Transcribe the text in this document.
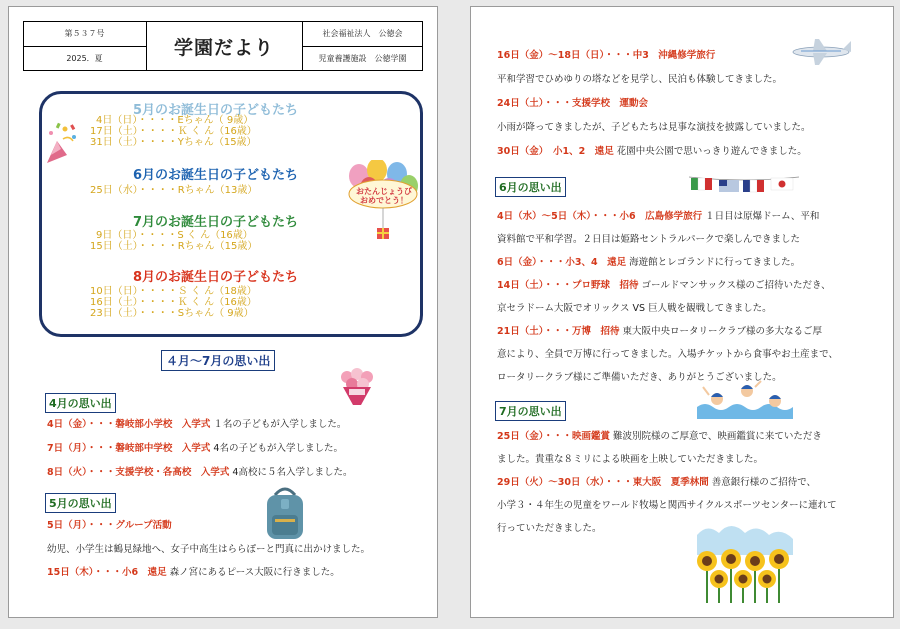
第５３７号
2025．夏	学園だより
社会福祉法人　公徳会
児童養護施設　公徳学園
5月のお誕生日の子どもたち
4日（日）・・・・Eちゃん（ 9歳）
17日（土）・・・・Ｋ く ん（16歳）
31日（土）・・・・Yちゃん（15歳）
6月のお誕生日の子どもたち
25日（水）・・・・Rちゃん（13歳）
7月のお誕生日の子どもたち
9日（日）・・・・S く ん（16歳）
15日（土）・・・・Rちゃん（15歳）
8月のお誕生日の子どもたち
10日（日）・・・・Ｓ く ん（18歳）
16日（土）・・・・Ｋ く ん（16歳）
23日（土）・・・・Sちゃん（ 9歳）
おたんじょうび おめでとう！
４月～7月の思い出
4月の思い出
4日（金）・・・磐岐部小学校　入学式 １名の子どもが入学しました。
7日（月）・・・磐岐部中学校　入学式 4名の子どもが入学しました。
8日（火）・・・支援学校・各高校　入学式 4高校に５名入学しました。
5月の思い出
5日（月）・・・グループ活動
幼児、小学生は鶴見緑地へ、女子中高生はららぽーと門真に出かけました。
15日（木）・・・小6　遠足 森ノ宮にあるピース大阪に行きました。
16日（金）～18日（日）・・・中3　沖縄修学旅行
平和学習でひめゆりの塔などを見学し、民泊も体験してきました。
24日（土）・・・支援学校　運動会
小雨が降ってきましたが、子どもたちは見事な演技を披露していました。
30日（金）　小1、2　遠足 花園中央公園で思いっきり遊んできました。
6月の思い出
4日（水）～5日（木）・・・小6　広島修学旅行 １日目は原爆ドーム、平和
資料館で平和学習。２日目は姫路セントラルパークで楽しんできました
6日（金）・・・小3、4　遠足 海遊館とレゴランドに行ってきました。
14日（土）・・・プロ野球　招待 ゴールドマンサックス様のご招待いただき、
京セラドーム大阪でオリックス VS 巨人戦を観戦してきました。
21日（土）・・・万博　招待 東大阪中央ロータリークラブ様の多大なるご厚
意により、全員で万博に行ってきました。入場チケットから食事やお土産まで、
ロータリークラブ様にご準備いただき、ありがとうございました。
7月の思い出
25日（金）・・・映画鑑賞 難波別院様のご厚意で、映画鑑賞に来ていただき
ました。貴重な８ミリによる映画を上映していただきました。
29日（火）～30日（水）・・・東大阪　夏季林間 善意銀行様のご招待で、
小学３・４年生の児童をワールド牧場と関西サイクルスポーツセンターに連れて
行っていただきました。
